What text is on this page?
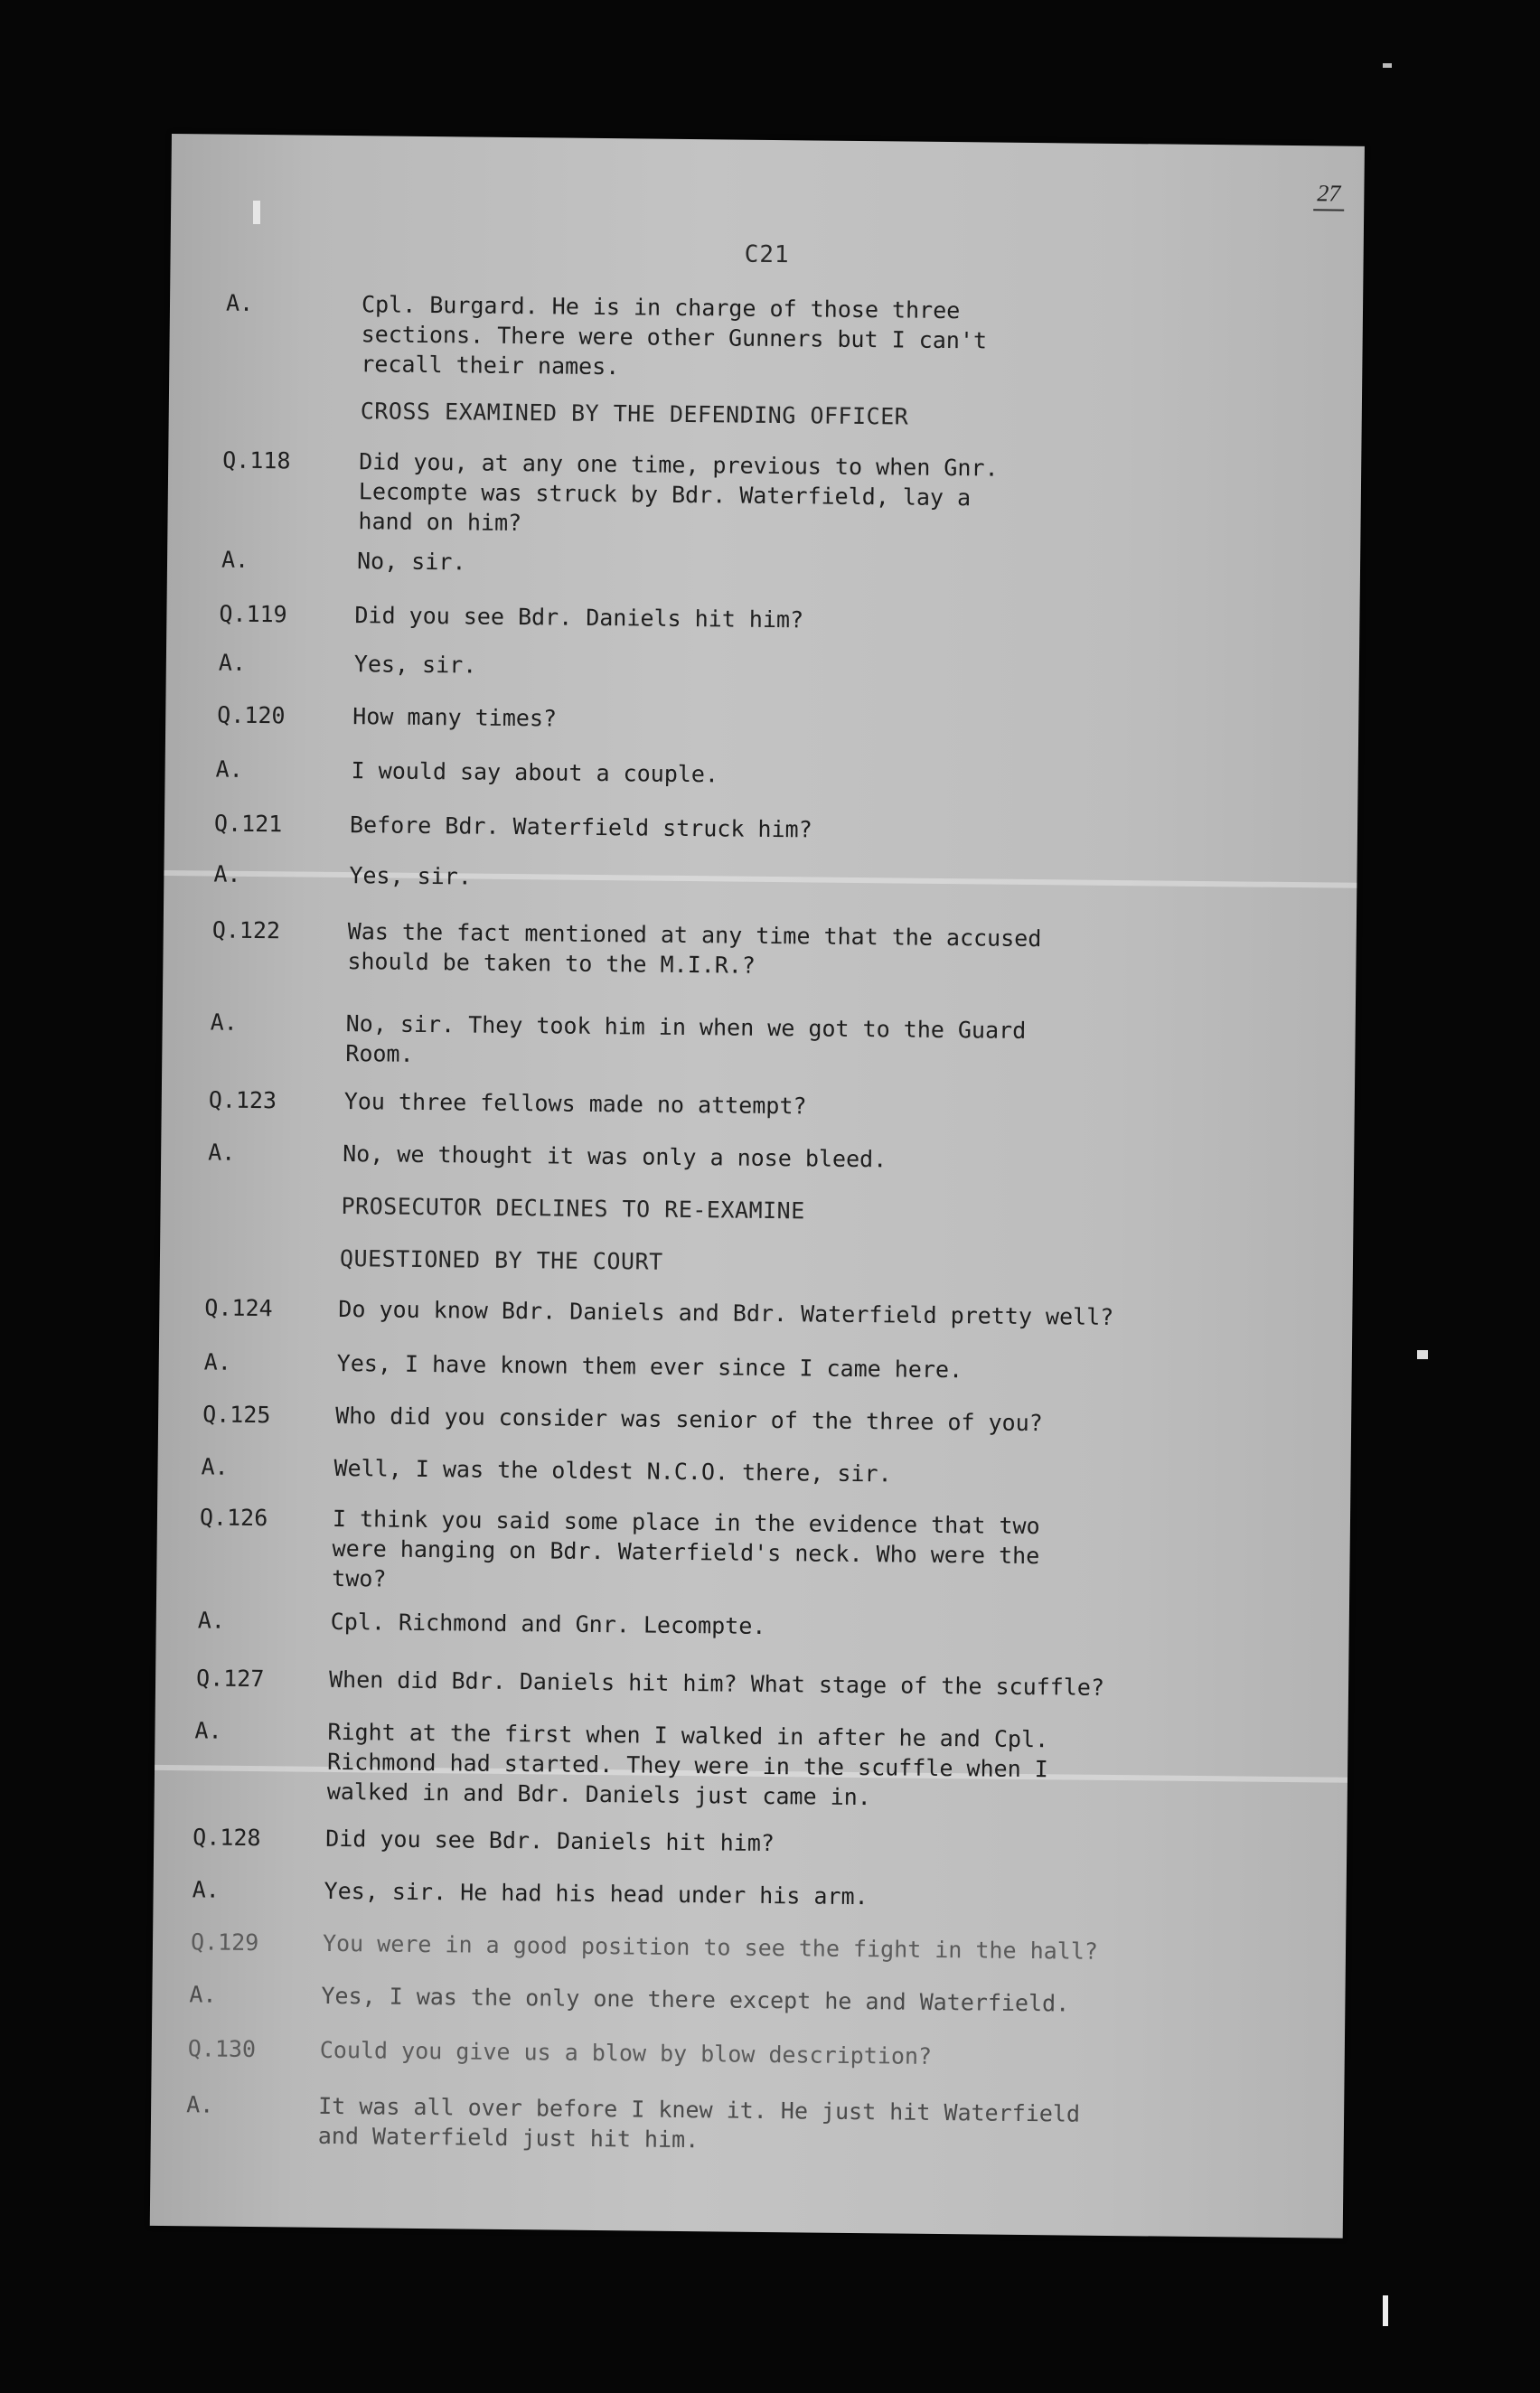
27
C21
A.	Cpl. Burgard. He is in charge of those three
sections. There were other Gunners but I can't
recall their names.
CROSS EXAMINED BY THE DEFENDING OFFICER
Q.118	Did you, at any one time, previous to when Gnr.
Lecompte was struck by Bdr. Waterfield, lay a
hand on him?
A.	No, sir.
Q.119	Did you see Bdr. Daniels hit him?
A.	Yes, sir.
Q.120	How many times?
A.	I would say about a couple.
Q.121	Before Bdr. Waterfield struck him?
A.	Yes, sir.
Q.122	Was the fact mentioned at any time that the accused
should be taken to the M.I.R.?
A.	No, sir. They took him in when we got to the Guard
Room.
Q.123	You three fellows made no attempt?
A.	No, we thought it was only a nose bleed.
PROSECUTOR DECLINES TO RE-EXAMINE
QUESTIONED BY THE COURT
Q.124	Do you know Bdr. Daniels and Bdr. Waterfield pretty well?
A.	Yes, I have known them ever since I came here.
Q.125	Who did you consider was senior of the three of you?
A.	Well, I was the oldest N.C.O. there, sir.
Q.126	I think you said some place in the evidence that two
were hanging on Bdr. Waterfield's neck. Who were the
two?
A.	Cpl. Richmond and Gnr. Lecompte.
Q.127	When did Bdr. Daniels hit him? What stage of the scuffle?
A.	Right at the first when I walked in after he and Cpl.
Richmond had started. They were in the scuffle when I
walked in and Bdr. Daniels just came in.
Q.128	Did you see Bdr. Daniels hit him?
A.	Yes, sir. He had his head under his arm.
Q.129	You were in a good position to see the fight in the hall?
A.	Yes, I was the only one there except he and Waterfield.
Q.130	Could you give us a blow by blow description?
A.	It was all over before I knew it. He just hit Waterfield
and Waterfield just hit him.
